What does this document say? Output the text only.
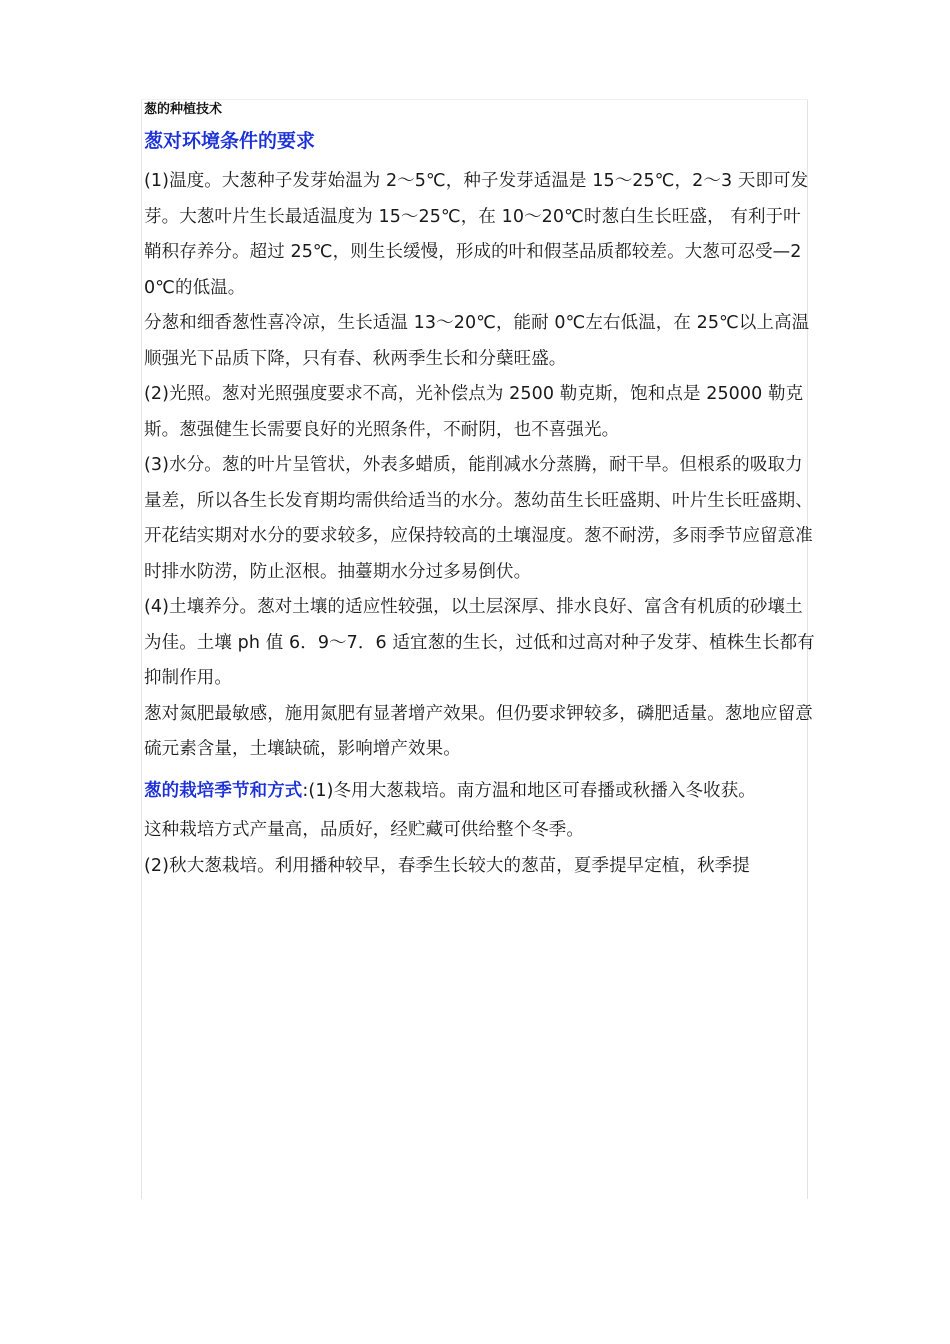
葱的种植技术
葱对环境条件的要求

(1)温度。大葱种子发芽始温为 2～5℃，种子发芽适温是 15～25℃，2～3 天即可发芽。大葱叶片生长最适温度为 15～25℃，在 10～20℃时葱白生长旺盛， 有利于叶鞘积存养分。超过 25℃，则生长缓慢，形成的叶和假茎品质都较差。大葱可忍受—20℃的低温。

分葱和细香葱性喜冷凉，生长适温 13～20℃，能耐 0℃左右低温，在 25℃以上高温顺强光下品质下降，只有春、秋两季生长和分蘖旺盛。

(2)光照。葱对光照强度要求不高，光补偿点为 2500 勒克斯，饱和点是 25000 勒克斯。葱强健生长需要良好的光照条件，不耐阴，也不喜强光。

(3)水分。葱的叶片呈管状，外表多蜡质，能削减水分蒸腾，耐干旱。但根系的吸取力量差，所以各生长发育期均需供给适当的水分。葱幼苗生长旺盛期、叶片生长旺盛期、开花结实期对水分的要求较多，应保持较高的土壤湿度。葱不耐涝，多雨季节应留意准时排水防涝，防止沤根。抽薹期水分过多易倒伏。

(4)土壤养分。葱对土壤的适应性较强，以土层深厚、排水良好、富含有机质的砂壤土为佳。土壤 ph 值 6．9～7．6 适宜葱的生长，过低和过高对种子发芽、植株生长都有抑制作用。

葱对氮肥最敏感，施用氮肥有显著增产效果。但仍要求钾较多，磷肥适量。葱地应留意硫元素含量，土壤缺硫，影响增产效果。

葱的栽培季节和方式:(1)冬用大葱栽培。南方温和地区可春播或秋播入冬收获。

这种栽培方式产量高，品质好，经贮藏可供给整个冬季。

(2)秋大葱栽培。利用播种较早，春季生长较大的葱苗，夏季提早定植，秋季提
